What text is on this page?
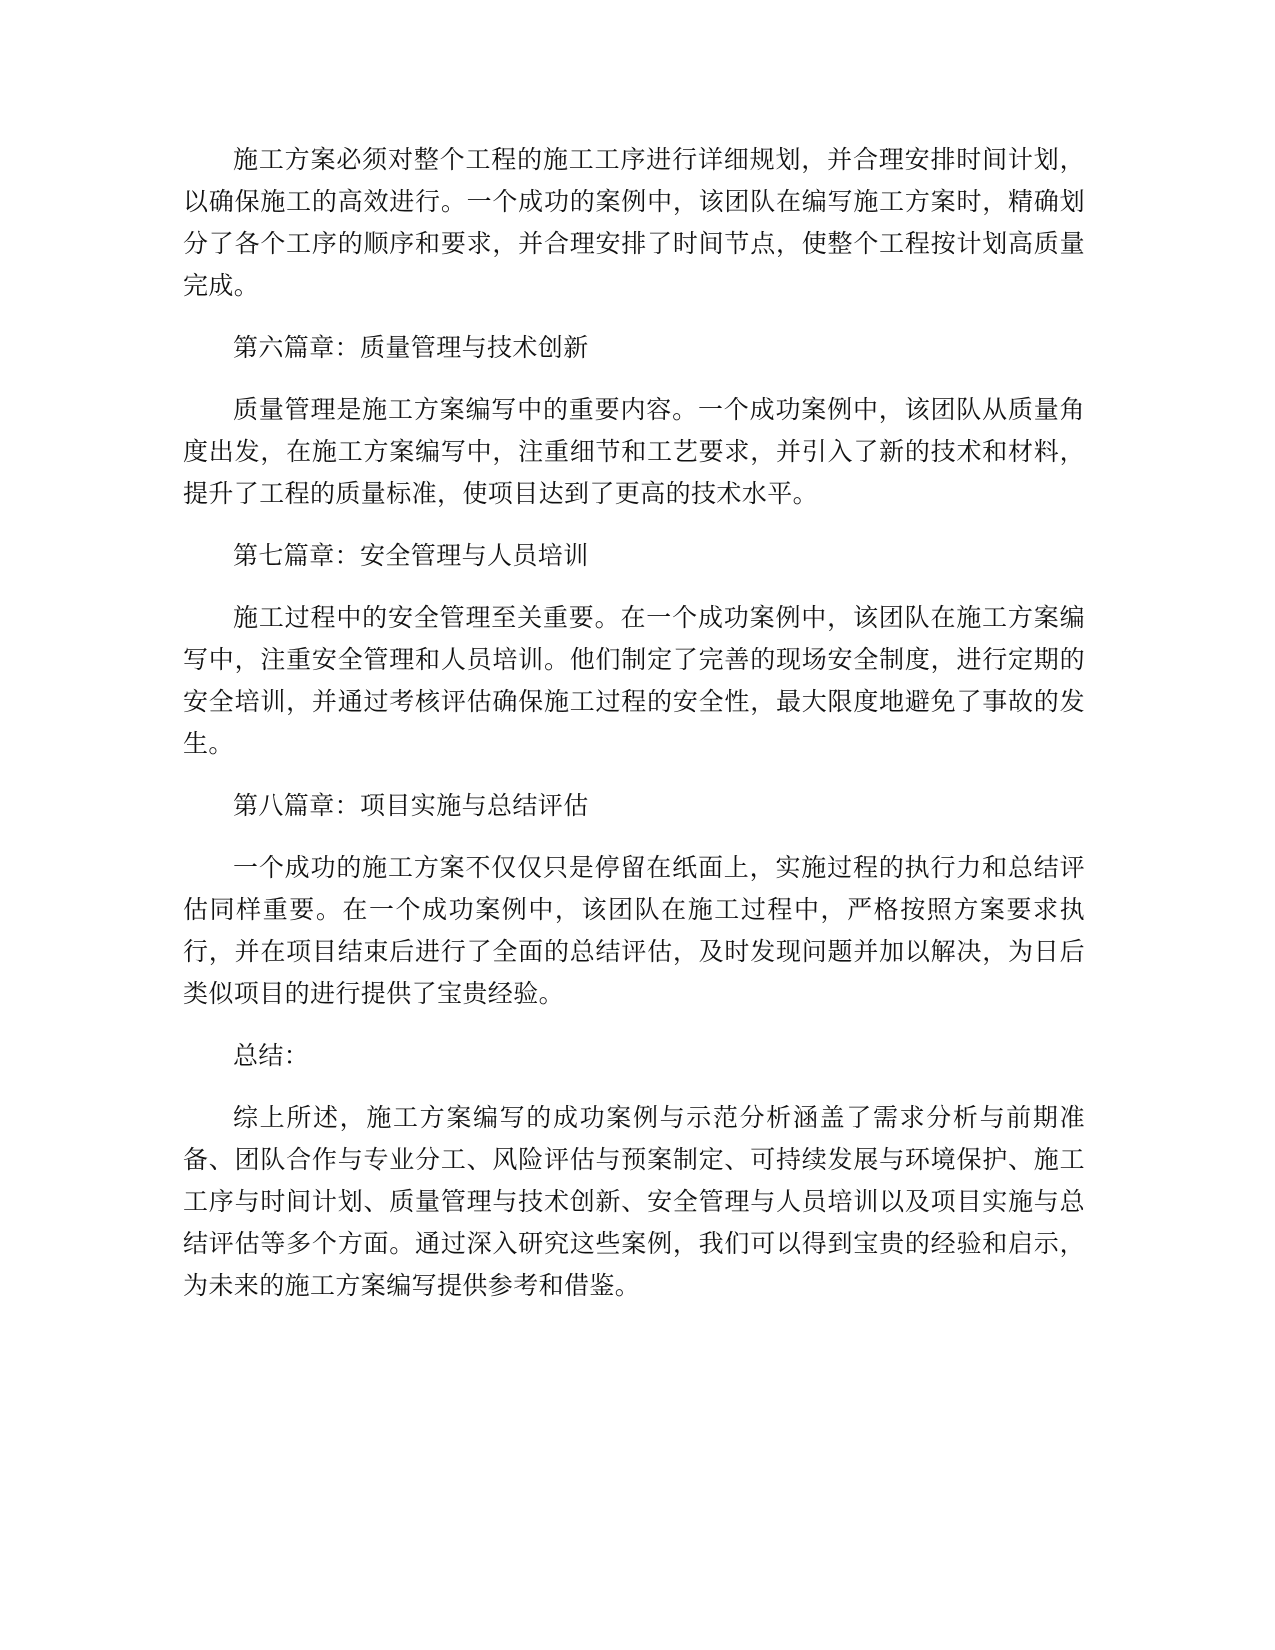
施工方案必须对整个工程的施工工序进行详细规划，并合理安排时间计划，以确保施工的高效进行。一个成功的案例中，该团队在编写施工方案时，精确划分了各个工序的顺序和要求，并合理安排了时间节点，使整个工程按计划高质量完成。

第六篇章：质量管理与技术创新

质量管理是施工方案编写中的重要内容。一个成功案例中，该团队从质量角度出发，在施工方案编写中，注重细节和工艺要求，并引入了新的技术和材料，提升了工程的质量标准，使项目达到了更高的技术水平。

第七篇章：安全管理与人员培训

施工过程中的安全管理至关重要。在一个成功案例中，该团队在施工方案编写中，注重安全管理和人员培训。他们制定了完善的现场安全制度，进行定期的安全培训，并通过考核评估确保施工过程的安全性，最大限度地避免了事故的发生。

第八篇章：项目实施与总结评估

一个成功的施工方案不仅仅只是停留在纸面上，实施过程的执行力和总结评估同样重要。在一个成功案例中，该团队在施工过程中，严格按照方案要求执行，并在项目结束后进行了全面的总结评估，及时发现问题并加以解决，为日后类似项目的进行提供了宝贵经验。

总结：

综上所述，施工方案编写的成功案例与示范分析涵盖了需求分析与前期准备、团队合作与专业分工、风险评估与预案制定、可持续发展与环境保护、施工工序与时间计划、质量管理与技术创新、安全管理与人员培训以及项目实施与总结评估等多个方面。通过深入研究这些案例，我们可以得到宝贵的经验和启示，为未来的施工方案编写提供参考和借鉴。
